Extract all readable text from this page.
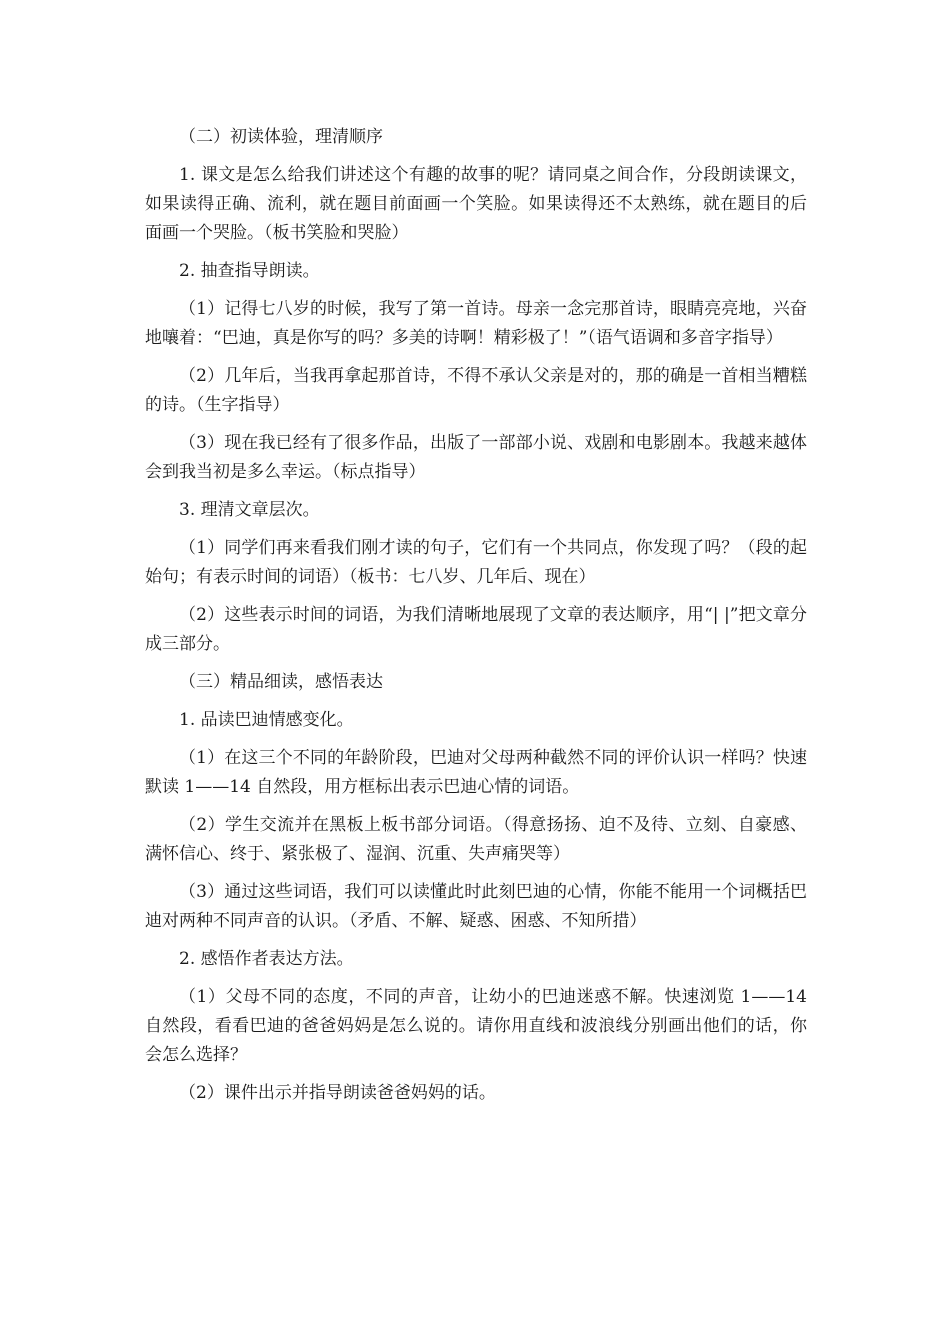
（二）初读体验，理清顺序

1. 课文是怎么给我们讲述这个有趣的故事的呢？请同桌之间合作，分段朗读课文，如果读得正确、流利，就在题目前面画一个笑脸。如果读得还不太熟练，就在题目的后面画一个哭脸。（板书笑脸和哭脸）

2. 抽查指导朗读。

（1）记得七八岁的时候，我写了第一首诗。母亲一念完那首诗，眼睛亮亮地，兴奋地嚷着：“巴迪，真是你写的吗？多美的诗啊！精彩极了！”（语气语调和多音字指导）

（2）几年后，当我再拿起那首诗，不得不承认父亲是对的，那的确是一首相当糟糕的诗。（生字指导）

（3）现在我已经有了很多作品，出版了一部部小说、戏剧和电影剧本。我越来越体会到我当初是多么幸运。（标点指导）

3. 理清文章层次。

（1）同学们再来看我们刚才读的句子，它们有一个共同点，你发现了吗？（段的起始句；有表示时间的词语）（板书：七八岁、几年后、现在）

（2）这些表示时间的词语，为我们清晰地展现了文章的表达顺序，用“| |”把文章分成三部分。

（三）精品细读，感悟表达

1. 品读巴迪情感变化。

（1）在这三个不同的年龄阶段，巴迪对父母两种截然不同的评价认识一样吗？快速默读 1——14 自然段，用方框标出表示巴迪心情的词语。

（2）学生交流并在黑板上板书部分词语。（得意扬扬、迫不及待、立刻、自豪感、满怀信心、终于、紧张极了、湿润、沉重、失声痛哭等）

（3）通过这些词语，我们可以读懂此时此刻巴迪的心情，你能不能用一个词概括巴迪对两种不同声音的认识。（矛盾、不解、疑惑、困惑、不知所措）

2. 感悟作者表达方法。

（1）父母不同的态度，不同的声音，让幼小的巴迪迷惑不解。快速浏览 1——14 自然段，看看巴迪的爸爸妈妈是怎么说的。请你用直线和波浪线分别画出他们的话，你会怎么选择？

（2）课件出示并指导朗读爸爸妈妈的话。
